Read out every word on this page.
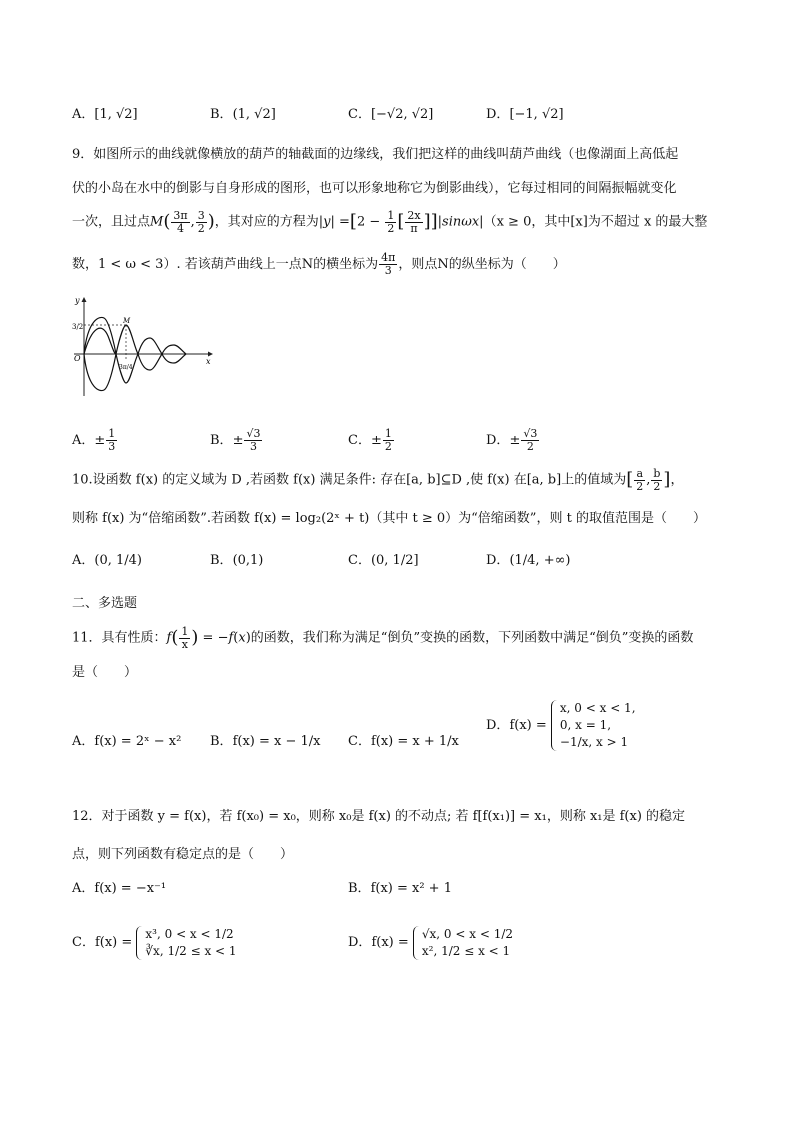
A．[1, √2]	B．(1, √2]	C．[−√2, √2]	D．[−1, √2]
9．如图所示的曲线就像横放的葫芦的轴截面的边缘线，我们把这样的曲线叫葫芦曲线（也像湖面上高低起
伏的小岛在水中的倒影与自身形成的图形，也可以形象地称它为倒影曲线），它每过相同的间隔振幅就变化
一次，且过点$M( \frac{3\pi}{4}$ , $\frac{3}{2}$ )，其对应的方程为$|y| =[2 - \frac{1}{2}$ [ $\frac{2x}{\pi} ]]|\sin\omega x|(x \ge 0$，其中[x]为不超过 x 的最大整
数，1 < ω < 3）. 若该葫芦曲线上一点N的横坐标为 $\frac{4\pi}{3}$ ，则点N的纵坐标为（　　）
y
x
O
3/2
M
3π/4
A．± $\frac{1}{3}$	B．± $\frac{√3}{3}$	C．± $\frac{1}{2}$	D．± $\frac{√3}{2}$
10.设函数 f(x) 的定义域为 D ,若函数 f(x) 满足条件: 存在[a, b]⊆D ,使 f(x) 在[a, b]上的值域为[ $\frac{a}{2}$ , $\frac{b}{2}$ ]，
则称 f(x) 为“倍缩函数”.若函数 f(x) = log₂(2ˣ + t)（其中 t ≥ 0）为“倍缩函数”，则 t 的取值范围是（　　）
A．(0, 1/4)	B．(0,1)	C．(0, 1/2]	D．(1/4, +∞)
二、多选题
11．具有性质：$f( \frac{1}{x}$ ) = −f(x)的函数，我们称为满足“倒负”变换的函数，下列函数中满足“倒负”变换的函数
是（　　）
A．f(x) = 2ˣ − x² B．f(x) = x − 1/x C．f(x) = x + 1/x
D．f(x) =
x, 0 < x < 1,
0, x = 1,
−1/x, x > 1
12．对于函数 y = f(x)，若 f(x₀) = x₀，则称 x₀是 f(x) 的不动点; 若 f[f(x₁)] = x₁，则称 x₁是 f(x) 的稳定
点，则下列函数有稳定点的是（　　）
A．f(x) = −x⁻¹	B．f(x) = x² + 1
C．f(x) =
x³, 0 < x < 1/2
∛x, 1/2 ≤ x < 1
D．f(x) =
√x, 0 < x < 1/2
x², 1/2 ≤ x < 1
